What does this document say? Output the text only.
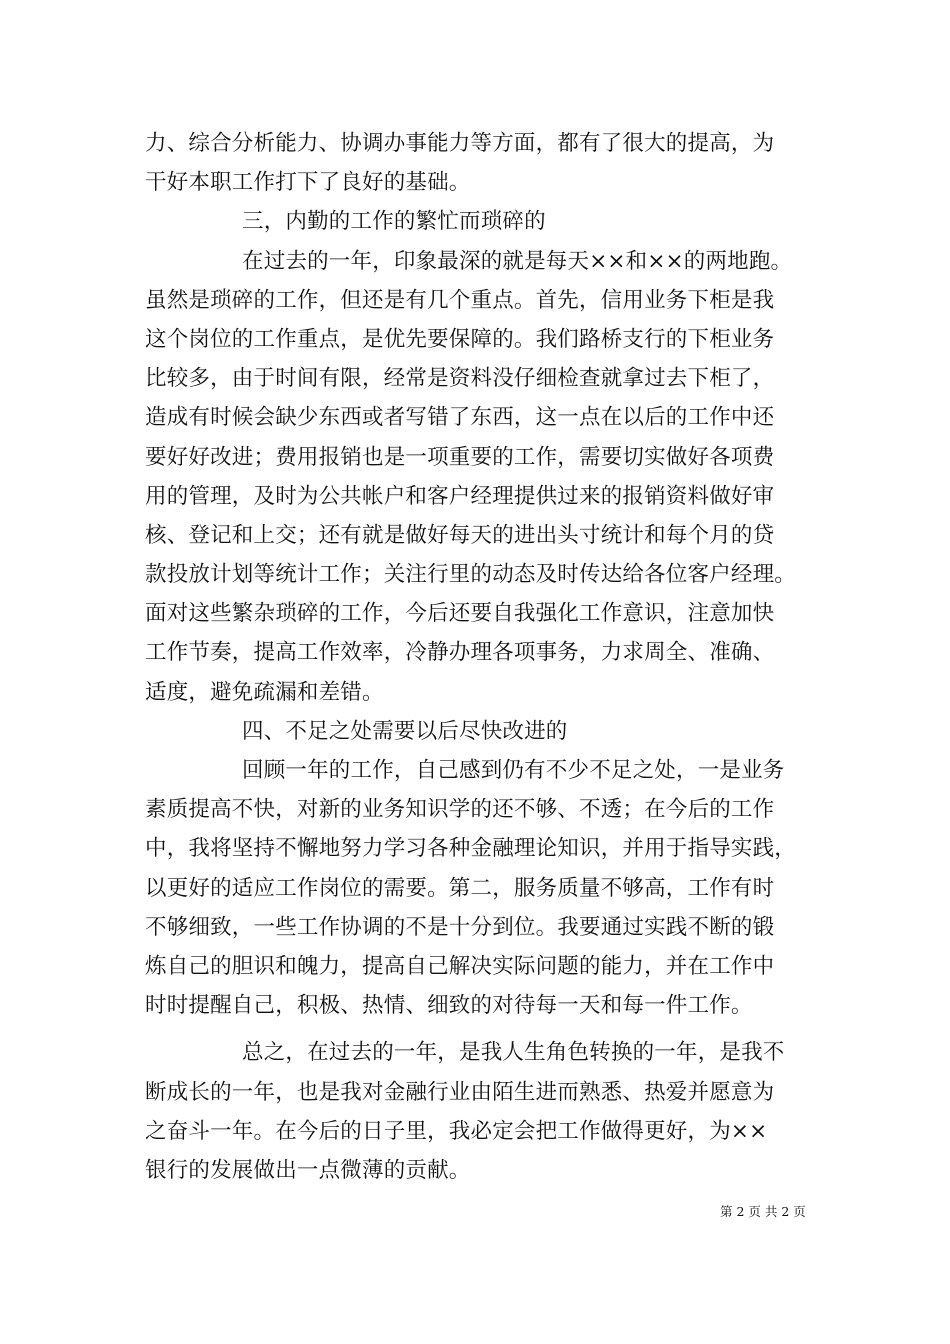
力、综合分析能力、协调办事能力等方面，都有了很大的提高，为
干好本职工作打下了良好的基础。
三，内勤的工作的繁忙而琐碎的
在过去的一年，印象最深的就是每天××和××的两地跑。
虽然是琐碎的工作，但还是有几个重点。首先，信用业务下柜是我
这个岗位的工作重点，是优先要保障的。我们路桥支行的下柜业务
比较多，由于时间有限，经常是资料没仔细检查就拿过去下柜了，
造成有时候会缺少东西或者写错了东西，这一点在以后的工作中还
要好好改进；费用报销也是一项重要的工作，需要切实做好各项费
用的管理，及时为公共帐户和客户经理提供过来的报销资料做好审
核、登记和上交；还有就是做好每天的进出头寸统计和每个月的贷
款投放计划等统计工作；关注行里的动态及时传达给各位客户经理。
面对这些繁杂琐碎的工作，今后还要自我强化工作意识，注意加快
工作节奏，提高工作效率，冷静办理各项事务，力求周全、准确、
适度，避免疏漏和差错。
四、不足之处需要以后尽快改进的
回顾一年的工作，自己感到仍有不少不足之处，一是业务
素质提高不快，对新的业务知识学的还不够、不透；在今后的工作
中，我将坚持不懈地努力学习各种金融理论知识，并用于指导实践，
以更好的适应工作岗位的需要。第二，服务质量不够高，工作有时
不够细致，一些工作协调的不是十分到位。我要通过实践不断的锻
炼自己的胆识和魄力，提高自己解决实际问题的能力，并在工作中
时时提醒自己，积极、热情、细致的对待每一天和每一件工作。
总之，在过去的一年，是我人生角色转换的一年，是我不
断成长的一年，也是我对金融行业由陌生进而熟悉、热爱并愿意为
之奋斗一年。在今后的日子里，我必定会把工作做得更好，为××
银行的发展做出一点微薄的贡献。
第 2 页 共 2 页
